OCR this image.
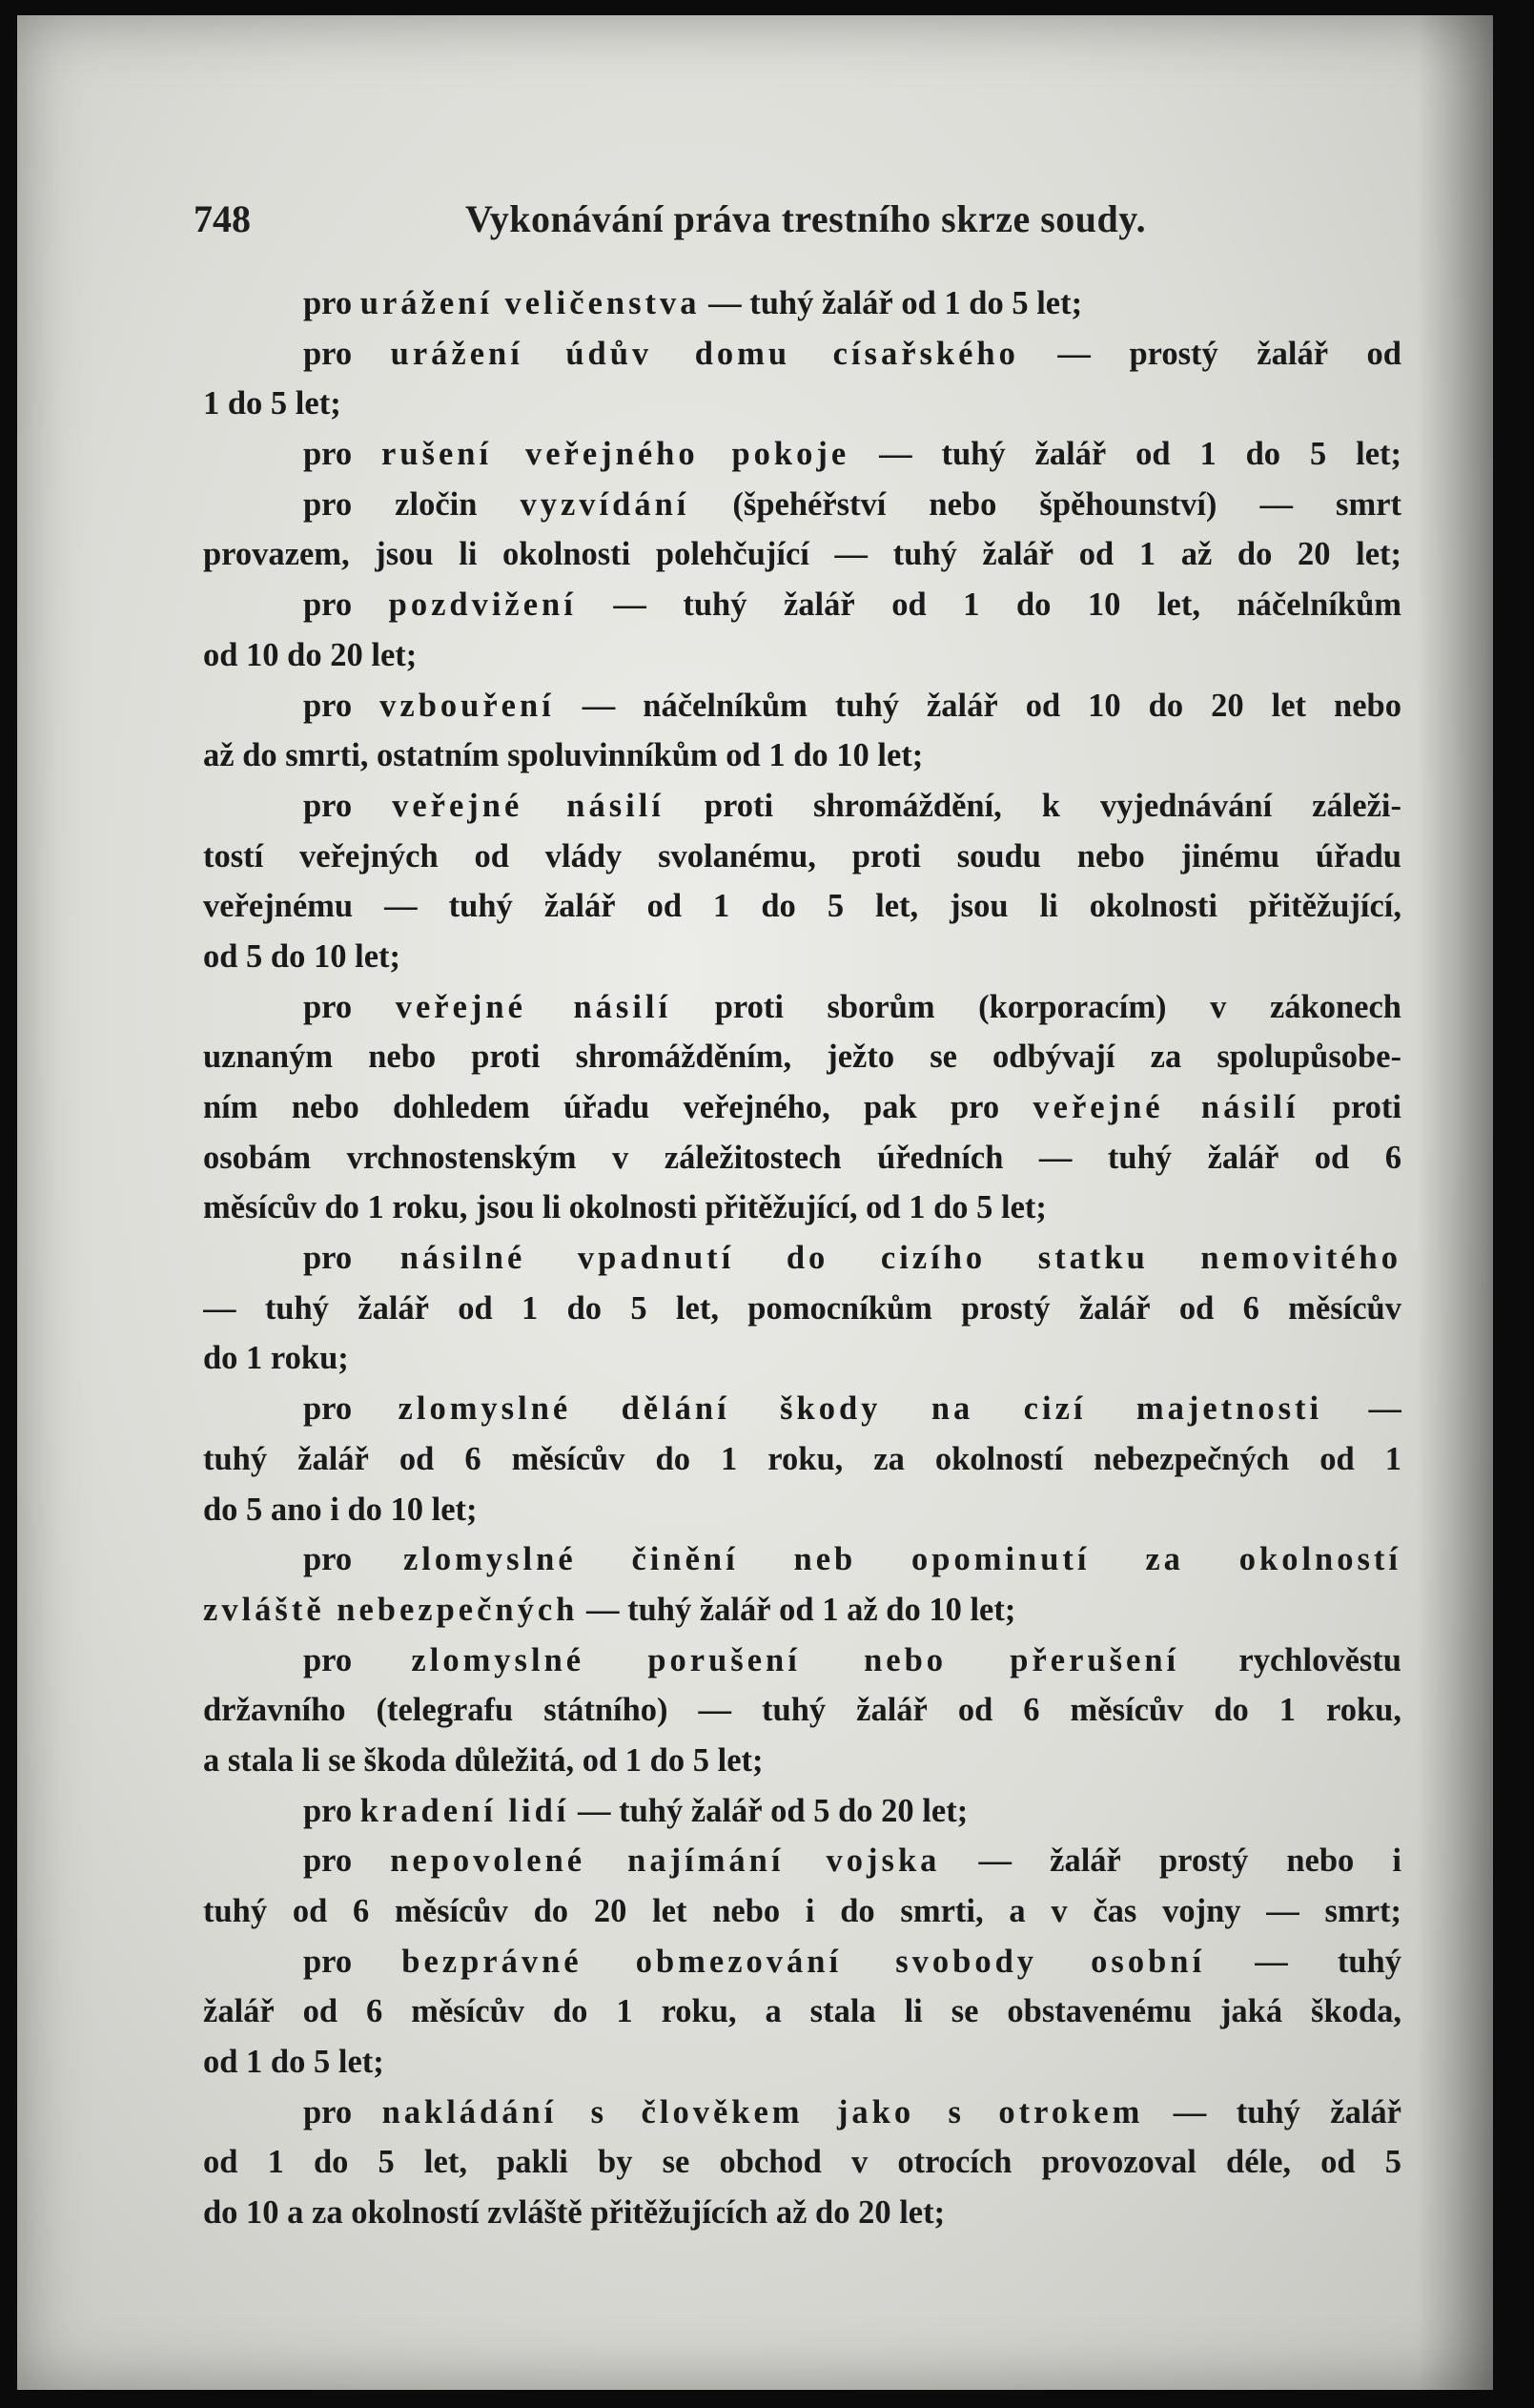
748	Vykonávání práva trestního skrze soudy.
pro urážení veličenstva — tuhý žalář od 1 do 5 let;
pro urážení údův domu císařského — prostý žalář od
1 do 5 let;
pro rušení veřejného pokoje — tuhý žalář od 1 do 5 let;
pro zločin vyzvídání (špehéřství nebo špěhounství) — smrt
provazem, jsou li okolnosti polehčující — tuhý žalář od 1 až do 20 let;
pro pozdvižení — tuhý žalář od 1 do 10 let, náčelníkům
od 10 do 20 let;
pro vzbouření — náčelníkům tuhý žalář od 10 do 20 let nebo
až do smrti, ostatním spoluvinníkům od 1 do 10 let;
pro veřejné násilí proti shromáždění, k vyjednávání záleži-
tostí veřejných od vlády svolanému, proti soudu nebo jinému úřadu
veřejnému — tuhý žalář od 1 do 5 let, jsou li okolnosti přitěžující,
od 5 do 10 let;
pro veřejné násilí proti sborům (korporacím) v zákonech
uznaným nebo proti shromážděním, ježto se odbývají za spolupůsobe-
ním nebo dohledem úřadu veřejného, pak pro veřejné násilí proti
osobám vrchnostenským v záležitostech úředních — tuhý žalář od 6
měsícův do 1 roku, jsou li okolnosti přitěžující, od 1 do 5 let;
pro násilné vpadnutí do cizího statku nemovitého
— tuhý žalář od 1 do 5 let, pomocníkům prostý žalář od 6 měsícův
do 1 roku;
pro zlomyslné dělání škody na cizí majetnosti —
tuhý žalář od 6 měsícův do 1 roku, za okolností nebezpečných od 1
do 5 ano i do 10 let;
pro zlomyslné činění neb opominutí za okolností
zvláště nebezpečných — tuhý žalář od 1 až do 10 let;
pro zlomyslné porušení nebo přerušení rychlověstu
državního (telegrafu státního) — tuhý žalář od 6 měsícův do 1 roku,
a stala li se škoda důležitá, od 1 do 5 let;
pro kradení lidí — tuhý žalář od 5 do 20 let;
pro nepovolené najímání vojska — žalář prostý nebo i
tuhý od 6 měsícův do 20 let nebo i do smrti, a v čas vojny — smrt;
pro bezprávné obmezování svobody osobní — tuhý
žalář od 6 měsícův do 1 roku, a stala li se obstavenému jaká škoda,
od 1 do 5 let;
pro nakládání s člověkem jako s otrokem — tuhý žalář
od 1 do 5 let, pakli by se obchod v otrocích provozoval déle, od 5
do 10 a za okolností zvláště přitěžujících až do 20 let;
